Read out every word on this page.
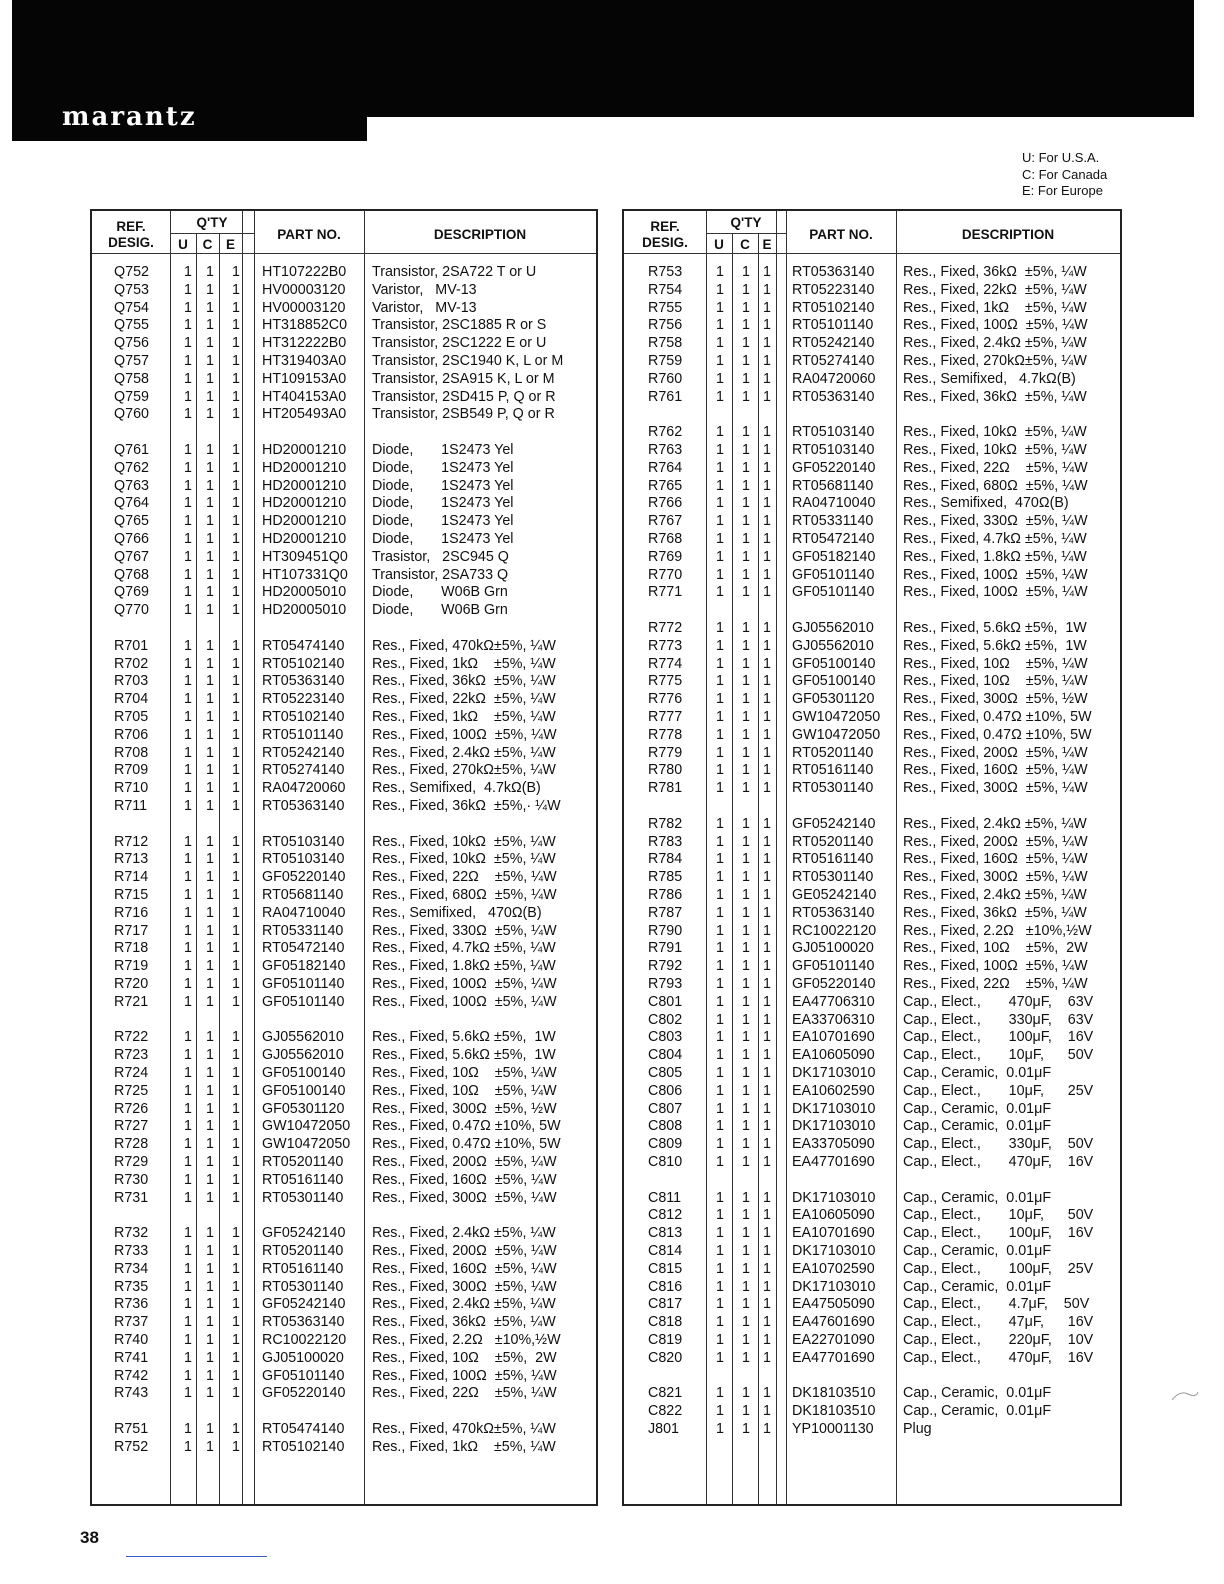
marantz
U: For U.S.A.
C: For Canada
E: For Europe
REF.
DESIG.
Q'TY
U	C	E
PART NO.	DESCRIPTION
Q752 1 1 1 HT107222B0 Transistor, 2SA722 T or U
Q753 1 1 1 HV00003120 Varistor,   MV-13
Q754 1 1 1 HV00003120 Varistor,   MV-13
Q755 1 1 1 HT318852C0 Transistor, 2SC1885 R or S
Q756 1 1 1 HT312222B0 Transistor, 2SC1222 E or U
Q757 1 1 1 HT319403A0 Transistor, 2SC1940 K, L or M
Q758 1 1 1 HT109153A0 Transistor, 2SA915 K, L or M
Q759 1 1 1 HT404153A0 Transistor, 2SD415 P, Q or R
Q760 1 1 1 HT205493A0 Transistor, 2SB549 P, Q or R
Q761 1 1 1 HD20001210 Diode,       1S2473 Yel
Q762 1 1 1 HD20001210 Diode,       1S2473 Yel
Q763 1 1 1 HD20001210 Diode,       1S2473 Yel
Q764 1 1 1 HD20001210 Diode,       1S2473 Yel
Q765 1 1 1 HD20001210 Diode,       1S2473 Yel
Q766 1 1 1 HD20001210 Diode,       1S2473 Yel
Q767 1 1 1 HT309451Q0 Trasistor,   2SC945 Q
Q768 1 1 1 HT107331Q0 Transistor, 2SA733 Q
Q769 1 1 1 HD20005010 Diode,       W06B Grn
Q770 1 1 1 HD20005010 Diode,       W06B Grn
R701	1 1 1 RT05474140 Res., Fixed, 470kΩ±5%, ¼W
R702	1 1 1 RT05102140 Res., Fixed, 1kΩ    ±5%, ¼W
R703	1 1 1 RT05363140 Res., Fixed, 36kΩ  ±5%, ¼W
R704	1 1 1 RT05223140 Res., Fixed, 22kΩ  ±5%, ¼W
R705	1 1 1 RT05102140 Res., Fixed, 1kΩ    ±5%, ¼W
R706	1 1 1 RT05101140 Res., Fixed, 100Ω  ±5%, ¼W
R708	1 1 1 RT05242140 Res., Fixed, 2.4kΩ ±5%, ¼W
R709	1 1 1 RT05274140 Res., Fixed, 270kΩ±5%, ¼W
R710	1 1 1 RA04720060 Res., Semifixed,  4.7kΩ(B)
R711	1 1 1 RT05363140 Res., Fixed, 36kΩ  ±5%,· ¼W
R712	1 1 1 RT05103140 Res., Fixed, 10kΩ  ±5%, ¼W
R713	1 1 1 RT05103140 Res., Fixed, 10kΩ  ±5%, ¼W
R714	1 1 1 GF05220140 Res., Fixed, 22Ω    ±5%, ¼W
R715	1 1 1 RT05681140 Res., Fixed, 680Ω  ±5%, ¼W
R716	1 1 1 RA04710040 Res., Semifixed,   470Ω(B)
R717	1 1 1 RT05331140 Res., Fixed, 330Ω  ±5%, ¼W
R718	1 1 1 RT05472140 Res., Fixed, 4.7kΩ ±5%, ¼W
R719	1 1 1 GF05182140 Res., Fixed, 1.8kΩ ±5%, ¼W
R720	1 1 1 GF05101140 Res., Fixed, 100Ω  ±5%, ¼W
R721	1 1 1 GF05101140 Res., Fixed, 100Ω  ±5%, ¼W
R722	1 1 1 GJ05562010 Res., Fixed, 5.6kΩ ±5%,  1W
R723	1 1 1 GJ05562010 Res., Fixed, 5.6kΩ ±5%,  1W
R724	1 1 1 GF05100140 Res., Fixed, 10Ω    ±5%, ¼W
R725	1 1 1 GF05100140 Res., Fixed, 10Ω    ±5%, ¼W
R726	1 1 1 GF05301120 Res., Fixed, 300Ω  ±5%, ½W
R727	1 1 1 GW10472050 Res., Fixed, 0.47Ω ±10%, 5W
R728	1 1 1 GW10472050 Res., Fixed, 0.47Ω ±10%, 5W
R729	1 1 1 RT05201140 Res., Fixed, 200Ω  ±5%, ¼W
R730	1 1 1 RT05161140 Res., Fixed, 160Ω  ±5%, ¼W
R731	1 1 1 RT05301140 Res., Fixed, 300Ω  ±5%, ¼W
R732	1 1 1 GF05242140 Res., Fixed, 2.4kΩ ±5%, ¼W
R733	1 1 1 RT05201140 Res., Fixed, 200Ω  ±5%, ¼W
R734	1 1 1 RT05161140 Res., Fixed, 160Ω  ±5%, ¼W
R735	1 1 1 RT05301140 Res., Fixed, 300Ω  ±5%, ¼W
R736	1 1 1 GF05242140 Res., Fixed, 2.4kΩ ±5%, ¼W
R737	1 1 1 RT05363140 Res., Fixed, 36kΩ  ±5%, ¼W
R740	1 1 1 RC10022120 Res., Fixed, 2.2Ω   ±10%,½W
R741	1 1 1 GJ05100020 Res., Fixed, 10Ω    ±5%,  2W
R742	1 1 1 GF05101140 Res., Fixed, 100Ω  ±5%, ¼W
R743	1 1 1 GF05220140 Res., Fixed, 22Ω    ±5%, ¼W
R751	1 1 1 RT05474140 Res., Fixed, 470kΩ±5%, ¼W
R752	1 1 1 RT05102140 Res., Fixed, 1kΩ    ±5%, ¼W
REF.
DESIG.
Q'TY
U	C E
PART NO.	DESCRIPTION
R753 1 1 1 RT05363140 Res., Fixed, 36kΩ  ±5%, ¼W
R754 1 1 1 RT05223140 Res., Fixed, 22kΩ  ±5%, ¼W
R755 1 1 1 RT05102140 Res., Fixed, 1kΩ    ±5%, ¼W
R756 1 1 1 RT05101140 Res., Fixed, 100Ω  ±5%, ¼W
R758 1 1 1 RT05242140 Res., Fixed, 2.4kΩ ±5%, ¼W
R759 1 1 1 RT05274140 Res., Fixed, 270kΩ±5%, ¼W
R760 1 1 1 RA04720060 Res., Semifixed,   4.7kΩ(B)
R761 1 1 1 RT05363140 Res., Fixed, 36kΩ  ±5%, ¼W
R762 1 1 1 RT05103140 Res., Fixed, 10kΩ  ±5%, ¼W
R763 1 1 1 RT05103140 Res., Fixed, 10kΩ  ±5%, ¼W
R764 1 1 1 GF05220140 Res., Fixed, 22Ω    ±5%, ¼W
R765 1 1 1 RT05681140 Res., Fixed, 680Ω  ±5%, ¼W
R766 1 1 1 RA04710040 Res., Semifixed,  470Ω(B)
R767 1 1 1 RT05331140 Res., Fixed, 330Ω  ±5%, ¼W
R768 1 1 1 RT05472140 Res., Fixed, 4.7kΩ ±5%, ¼W
R769 1 1 1 GF05182140 Res., Fixed, 1.8kΩ ±5%, ¼W
R770 1 1 1 GF05101140 Res., Fixed, 100Ω  ±5%, ¼W
R771 1 1 1 GF05101140 Res., Fixed, 100Ω  ±5%, ¼W
R772 1 1 1 GJ05562010 Res., Fixed, 5.6kΩ ±5%,  1W
R773 1 1 1 GJ05562010 Res., Fixed, 5.6kΩ ±5%,  1W
R774 1 1 1 GF05100140 Res., Fixed, 10Ω    ±5%, ¼W
R775 1 1 1 GF05100140 Res., Fixed, 10Ω    ±5%, ¼W
R776 1 1 1 GF05301120 Res., Fixed, 300Ω  ±5%, ½W
R777 1 1 1 GW10472050 Res., Fixed, 0.47Ω ±10%, 5W
R778 1 1 1 GW10472050 Res., Fixed, 0.47Ω ±10%, 5W
R779 1 1 1 RT05201140 Res., Fixed, 200Ω  ±5%, ¼W
R780 1 1 1 RT05161140 Res., Fixed, 160Ω  ±5%, ¼W
R781 1 1 1 RT05301140 Res., Fixed, 300Ω  ±5%, ¼W
R782 1 1 1 GF05242140 Res., Fixed, 2.4kΩ ±5%, ¼W
R783 1 1 1 RT05201140 Res., Fixed, 200Ω  ±5%, ¼W
R784 1 1 1 RT05161140 Res., Fixed, 160Ω  ±5%, ¼W
R785 1 1 1 RT05301140 Res., Fixed, 300Ω  ±5%, ¼W
R786 1 1 1 GE05242140 Res., Fixed, 2.4kΩ ±5%, ¼W
R787 1 1 1 RT05363140 Res., Fixed, 36kΩ  ±5%, ¼W
R790 1 1 1 RC10022120 Res., Fixed, 2.2Ω   ±10%,½W
R791 1 1 1 GJ05100020 Res., Fixed, 10Ω    ±5%,  2W
R792 1 1 1 GF05101140 Res., Fixed, 100Ω  ±5%, ¼W
R793 1 1 1 GF05220140 Res., Fixed, 22Ω    ±5%, ¼W
C801 1 1 1 EA47706310 Cap., Elect.,       470μF,    63V
C802 1 1 1 EA33706310 Cap., Elect.,       330μF,    63V
C803 1 1 1 EA10701690 Cap., Elect.,       100μF,    16V
C804 1 1 1 EA10605090 Cap., Elect.,       10μF,      50V
C805 1 1 1 DK17103010 Cap., Ceramic,  0.01μF
C806 1 1 1 EA10602590 Cap., Elect.,       10μF,      25V
C807 1 1 1 DK17103010 Cap., Ceramic,  0.01μF
C808 1 1 1 DK17103010 Cap., Ceramic,  0.01μF
C809 1 1 1 EA33705090 Cap., Elect.,       330μF,    50V
C810 1 1 1 EA47701690 Cap., Elect.,       470μF,    16V
C811 1 1 1 DK17103010 Cap., Ceramic,  0.01μF
C812 1 1 1 EA10605090 Cap., Elect.,       10μF,      50V
C813 1 1 1 EA10701690 Cap., Elect.,       100μF,    16V
C814 1 1 1 DK17103010 Cap., Ceramic,  0.01μF
C815 1 1 1 EA10702590 Cap., Elect.,       100μF,    25V
C816 1 1 1 DK17103010 Cap., Ceramic,  0.01μF
C817 1 1 1 EA47505090 Cap., Elect.,       4.7μF,    50V
C818 1 1 1 EA47601690 Cap., Elect.,       47μF,      16V
C819 1 1 1 EA22701090 Cap., Elect.,       220μF,    10V
C820 1 1 1 EA47701690 Cap., Elect.,       470μF,    16V
C821 1 1 1 DK18103510 Cap., Ceramic,  0.01μF
C822 1 1 1 DK18103510 Cap., Ceramic,  0.01μF
J801	1 1 1 YP10001130 Plug
38
